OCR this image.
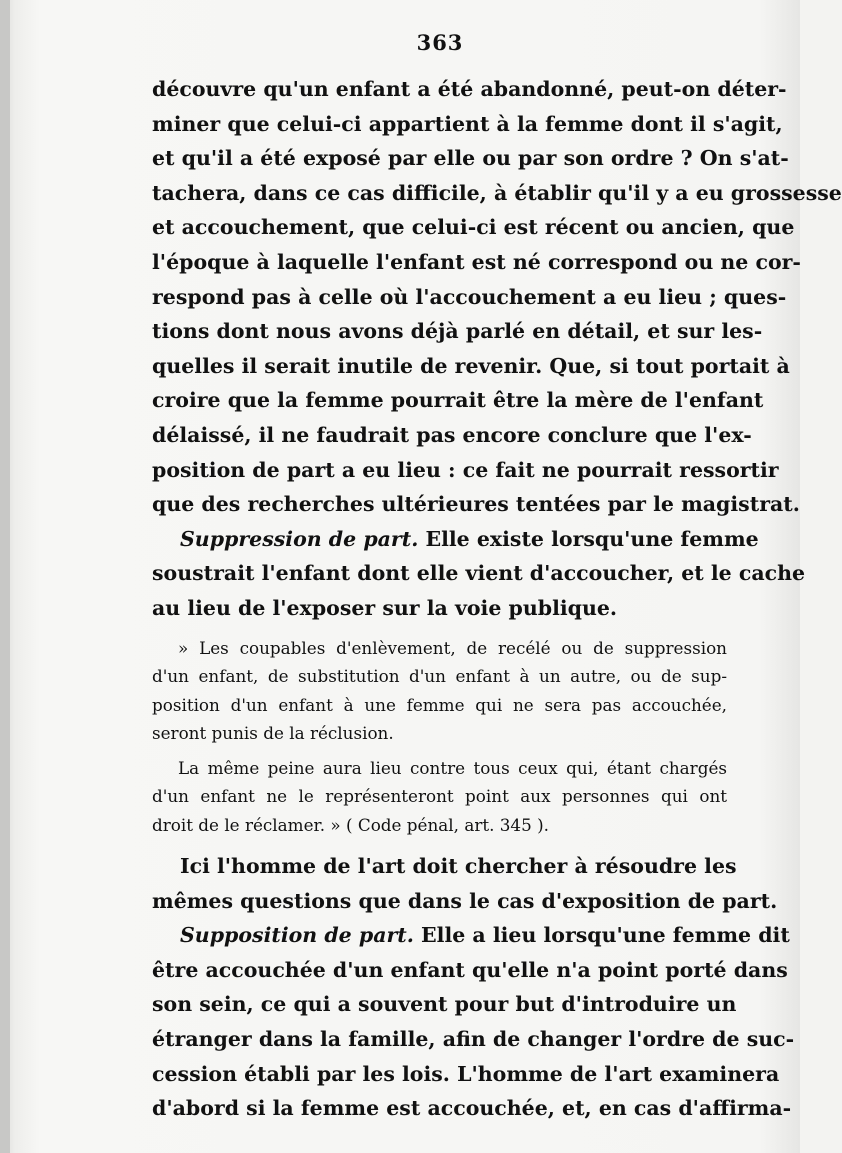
363
découvre qu'un enfant a été abandonné, peut-on déter-
miner que celui-ci appartient à la femme dont il s'agit,
et qu'il a été exposé par elle ou par son ordre ? On s'at-
tachera, dans ce cas difficile, à établir qu'il y a eu grossesse
et accouchement, que celui-ci est récent ou ancien, que
l'époque à laquelle l'enfant est né correspond ou ne cor-
respond pas à celle où l'accouchement a eu lieu ; ques-
tions dont nous avons déjà parlé en détail, et sur les-
quelles il serait inutile de revenir. Que, si tout portait à
croire que la femme pourrait être la mère de l'enfant
délaissé, il ne faudrait pas encore conclure que l'ex-
position de part a eu lieu : ce fait ne pourrait ressortir
que des recherches ultérieures tentées par le magistrat.
Suppression de part. Elle existe lorsqu'une femme
soustrait l'enfant dont elle vient d'accoucher, et le cache
au lieu de l'exposer sur la voie publique.
» Les coupables d'enlèvement, de recélé ou de suppression
d'un enfant, de substitution d'un enfant à un autre, ou de sup-
position d'un enfant à une femme qui ne sera pas accouchée,
seront punis de la réclusion.
La même peine aura lieu contre tous ceux qui, étant chargés
d'un enfant ne le représenteront point aux personnes qui ont
droit de le réclamer. » ( Code pénal, art. 345 ).
Ici l'homme de l'art doit chercher à résoudre les
mêmes questions que dans le cas d'exposition de part.
Supposition de part. Elle a lieu lorsqu'une femme dit
être accouchée d'un enfant qu'elle n'a point porté dans
son sein, ce qui a souvent pour but d'introduire un
étranger dans la famille, afin de changer l'ordre de suc-
cession établi par les lois. L'homme de l'art examinera
d'abord si la femme est accouchée, et, en cas d'affirma-
